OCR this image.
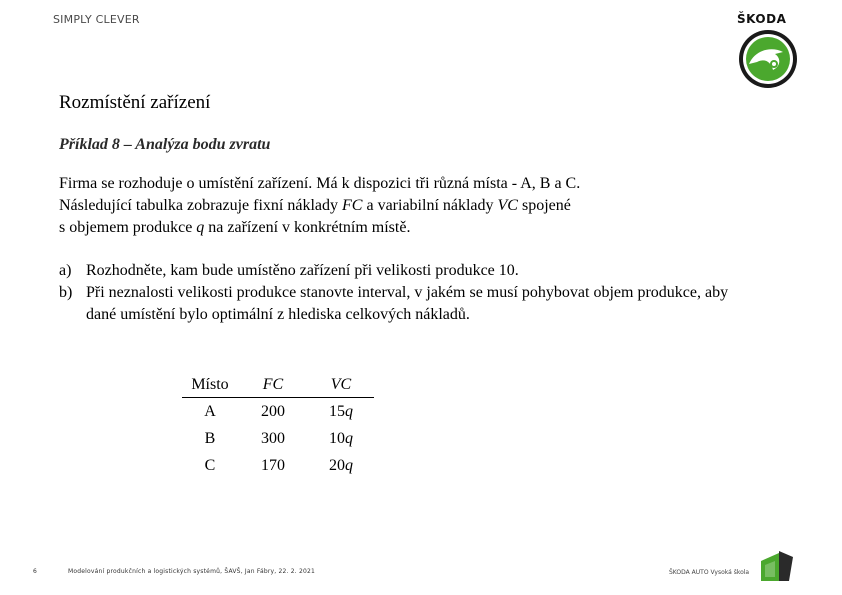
SIMPLY CLEVER	ŠKODA
Rozmístění zařízení
Příklad 8 – Analýza bodu zvratu
Firma se rozhoduje o umístění zařízení. Má k dispozici tři různá místa - A, B a C.
Následující tabulka zobrazuje fixní náklady FC a variabilní náklady VC spojené
s objemem produkce q na zařízení v konkrétním místě.
a) Rozhodněte, kam bude umístěno zařízení při velikosti produkce 10.
b) Při neznalosti velikosti produkce stanovte interval, v jakém se musí pohybovat objem produkce, aby dané umístění bylo optimální z hlediska celkových nákladů.
Místo	FC	VC
A	200	15q
B	300	10q
C	170	20q
6	Modelování produkčních a logistických systémů, ŠAVŠ, Jan Fábry, 22. 2. 2021	ŠKODA AUTO Vysoká škola
